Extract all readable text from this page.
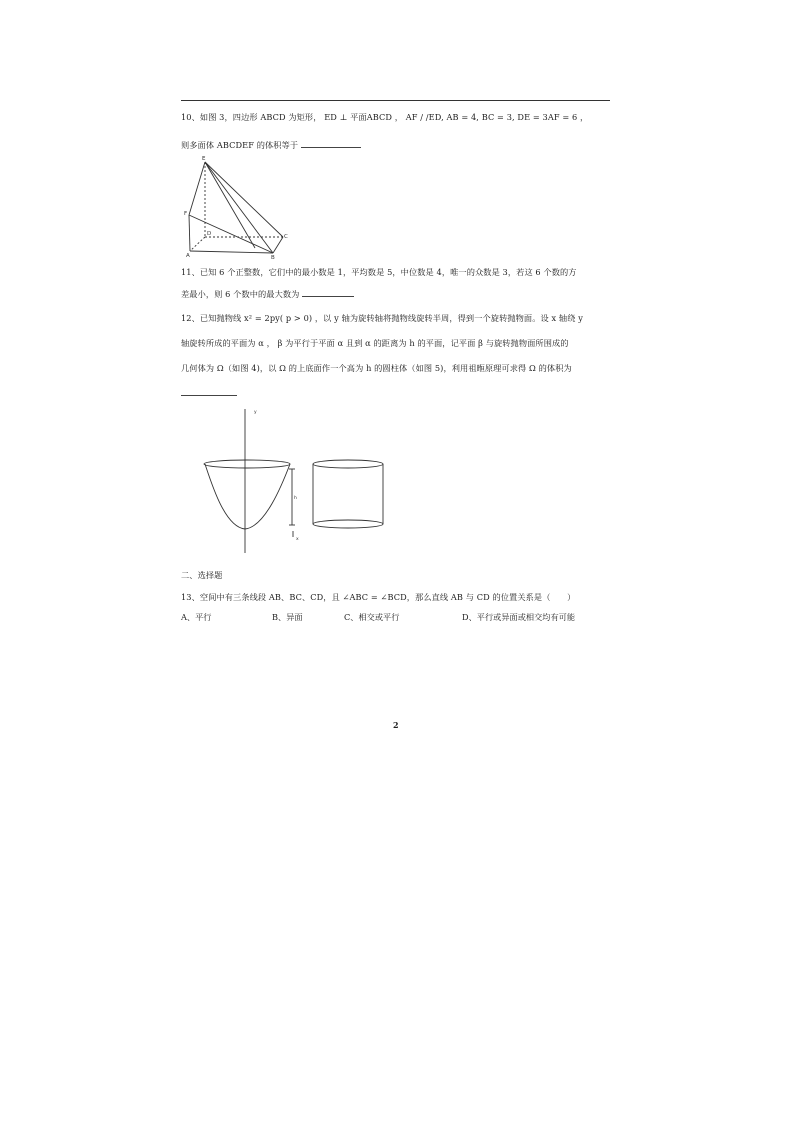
10、如图 3，四边形 ABCD 为矩形， ED ⊥ 平面ABCD ， AF / /ED, AB = 4, BC = 3, DE = 3AF = 6 ，
则多面体 ABCDEF 的体积等于
E
F
D
A	B
C
11、已知 6 个正整数，它们中的最小数是 1，平均数是 5，中位数是 4，唯一的众数是 3，若这 6 个数的方
差最小，则 6 个数中的最大数为
12、已知抛物线 x² = 2py( p > 0) ，以 y 轴为旋转轴将抛物线旋转半周，得到一个旋转抛物面。设 x 轴绕 y
轴旋转所成的平面为 α ， β 为平行于平面 α 且到 α 的距离为 h 的平面，记平面 β 与旋转抛物面所围成的
几何体为 Ω（如图 4)，以 Ω 的上底面作一个高为 h 的圆柱体（如图 5)，利用祖暅原理可求得 Ω 的体积为
y
h
x
二、选择题
13、空间中有三条线段 AB、BC、CD，且 ∠ABC = ∠BCD，那么直线 AB 与 CD 的位置关系是（　　）
A、平行	B、异面	C、相交或平行	D、平行或异面或相交均有可能
2
